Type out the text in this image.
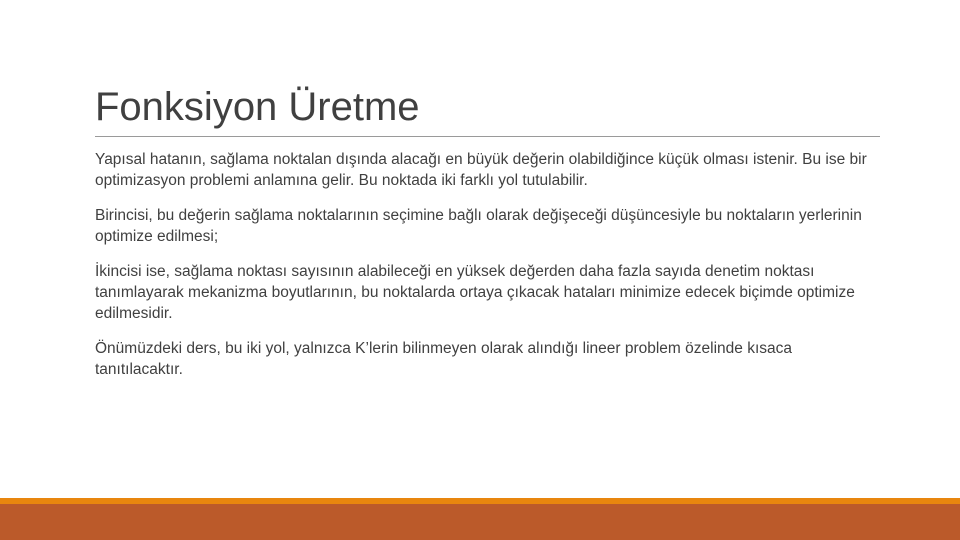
Fonksiyon Üretme

Yapısal hatanın, sağlama noktalan dışında alacağı en büyük değerin olabildiğince küçük olması istenir. Bu ise bir optimizasyon problemi anlamına gelir. Bu noktada iki farklı yol tutulabilir.

Birincisi, bu değerin sağlama noktalarının seçimine bağlı olarak değişeceği düşüncesiyle bu noktaların yerlerinin optimize edilmesi;

İkincisi ise, sağlama noktası sayısının alabileceği en yüksek değerden daha fazla sayıda denetim noktası tanımlayarak mekanizma boyutlarının, bu noktalarda ortaya çıkacak hataları minimize edecek biçimde optimize edilmesidir.

Önümüzdeki ders, bu iki yol, yalnızca K’lerin bilinmeyen olarak alındığı lineer problem özelinde kısaca tanıtılacaktır.
